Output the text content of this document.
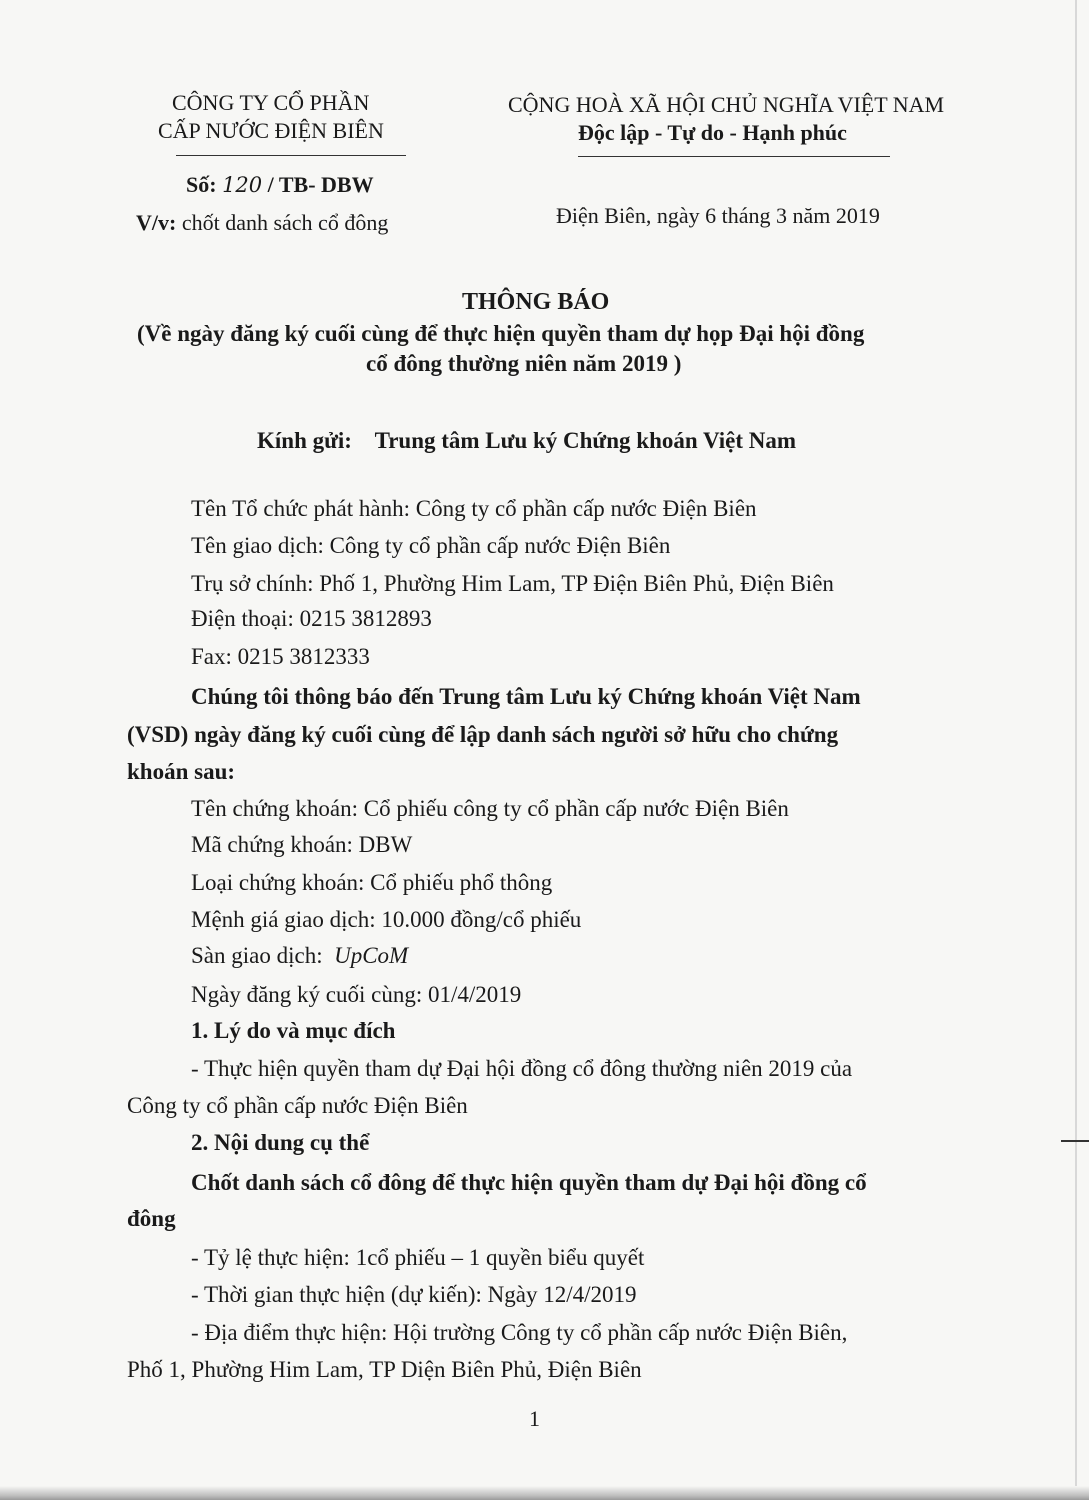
CÔNG TY CỔ PHẦN
CẤP NƯỚC ĐIỆN BIÊN
Số: 120 / TB- DBW
V/v: chốt danh sách cổ đông
CỘNG HOÀ XÃ HỘI CHỦ NGHĨA VIỆT NAM
Độc lập - Tự do - Hạnh phúc
Điện Biên, ngày 6 tháng 3 năm 2019
THÔNG BÁO
(Về ngày đăng ký cuối cùng để thực hiện quyền tham dự họp Đại hội đồng
cổ đông thường niên năm 2019 )
Kính gửi: Trung tâm Lưu ký Chứng khoán Việt Nam
Tên Tổ chức phát hành: Công ty cổ phần cấp nước Điện Biên
Tên giao dịch: Công ty cổ phần cấp nước Điện Biên
Trụ sở chính: Phố 1, Phường Him Lam, TP Điện Biên Phủ, Điện Biên
Điện thoại: 0215 3812893
Fax: 0215 3812333
Chúng tôi thông báo đến Trung tâm Lưu ký Chứng khoán Việt Nam
(VSD) ngày đăng ký cuối cùng để lập danh sách người sở hữu cho chứng
khoán sau:
Tên chứng khoán: Cổ phiếu công ty cổ phần cấp nước Điện Biên
Mã chứng khoán: DBW
Loại chứng khoán: Cổ phiếu phổ thông
Mệnh giá giao dịch: 10.000 đồng/cổ phiếu
Sàn giao dịch: UpCoM
Ngày đăng ký cuối cùng: 01/4/2019
1. Lý do và mục đích
- Thực hiện quyền tham dự Đại hội đồng cổ đông thường niên 2019 của
Công ty cổ phần cấp nước Điện Biên
2. Nội dung cụ thể
Chốt danh sách cổ đông để thực hiện quyền tham dự Đại hội đồng cổ
đông
- Tỷ lệ thực hiện: 1cổ phiếu – 1 quyền biểu quyết
- Thời gian thực hiện (dự kiến): Ngày 12/4/2019
- Địa điểm thực hiện: Hội trường Công ty cổ phần cấp nước Điện Biên,
Phố 1, Phường Him Lam, TP Diện Biên Phủ, Điện Biên
1
